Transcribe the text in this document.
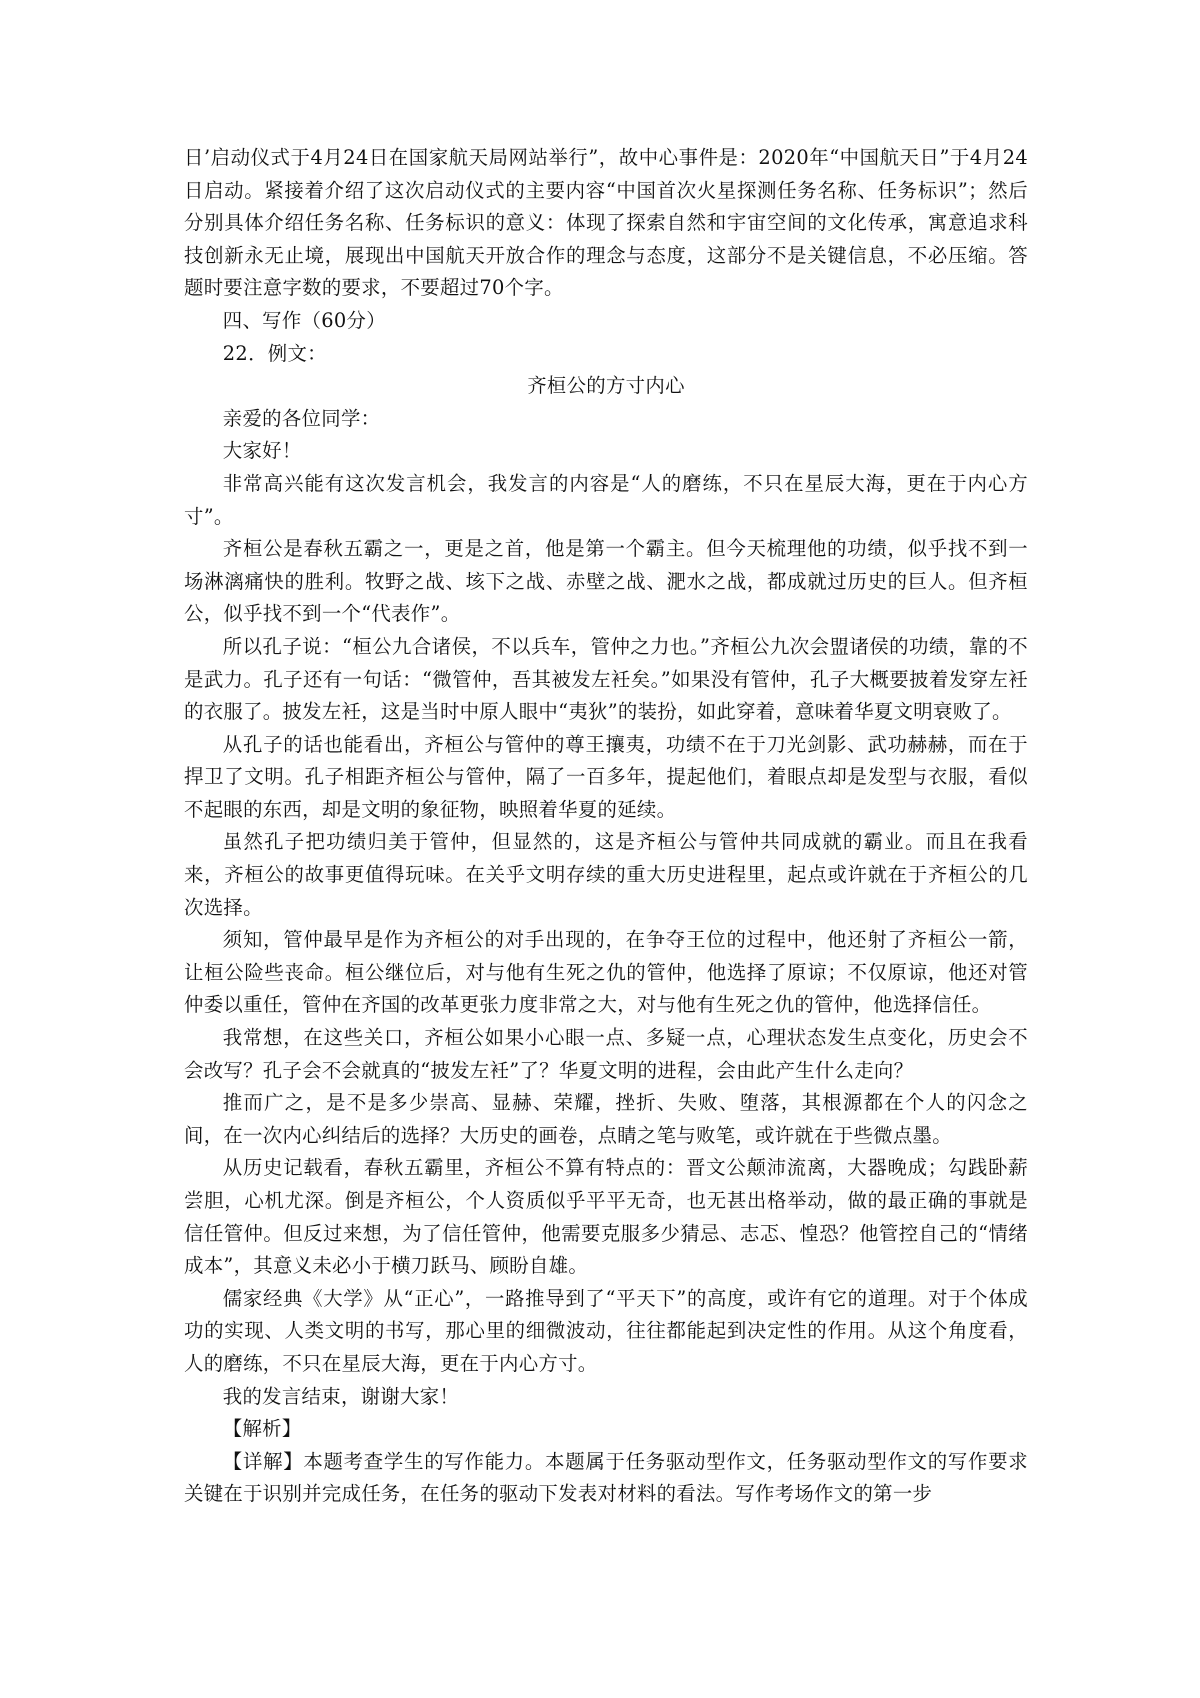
日’启动仪式于4月24日在国家航天局网站举行”，故中心事件是：2020年“中国航天日”于4月24日启动。紧接着介绍了这次启动仪式的主要内容“中国首次火星探测任务名称、任务标识”；然后分别具体介绍任务名称、任务标识的意义：体现了探索自然和宇宙空间的文化传承，寓意追求科技创新永无止境，展现出中国航天开放合作的理念与态度，这部分不是关键信息，不必压缩。答题时要注意字数的要求，不要超过70个字。

四、写作（60分）

22．例文：

齐桓公的方寸内心

亲爱的各位同学：

大家好！

非常高兴能有这次发言机会，我发言的内容是“人的磨练，不只在星辰大海，更在于内心方寸”。

齐桓公是春秋五霸之一，更是之首，他是第一个霸主。但今天梳理他的功绩，似乎找不到一场淋漓痛快的胜利。牧野之战、垓下之战、赤壁之战、淝水之战，都成就过历史的巨人。但齐桓公，似乎找不到一个“代表作”。

所以孔子说：“桓公九合诸侯，不以兵车，管仲之力也。”齐桓公九次会盟诸侯的功绩，靠的不是武力。孔子还有一句话：“微管仲，吾其被发左衽矣。”如果没有管仲，孔子大概要披着发穿左衽的衣服了。披发左衽，这是当时中原人眼中“夷狄”的装扮，如此穿着，意味着华夏文明衰败了。

从孔子的话也能看出，齐桓公与管仲的尊王攘夷，功绩不在于刀光剑影、武功赫赫，而在于捍卫了文明。孔子相距齐桓公与管仲，隔了一百多年，提起他们，着眼点却是发型与衣服，看似不起眼的东西，却是文明的象征物，映照着华夏的延续。

虽然孔子把功绩归美于管仲，但显然的，这是齐桓公与管仲共同成就的霸业。而且在我看来，齐桓公的故事更值得玩味。在关乎文明存续的重大历史进程里，起点或许就在于齐桓公的几次选择。

须知，管仲最早是作为齐桓公的对手出现的，在争夺王位的过程中，他还射了齐桓公一箭，让桓公险些丧命。桓公继位后，对与他有生死之仇的管仲，他选择了原谅；不仅原谅，他还对管仲委以重任，管仲在齐国的改革更张力度非常之大，对与他有生死之仇的管仲，他选择信任。

我常想，在这些关口，齐桓公如果小心眼一点、多疑一点，心理状态发生点变化，历史会不会改写？孔子会不会就真的“披发左衽”了？华夏文明的进程，会由此产生什么走向？

推而广之，是不是多少崇高、显赫、荣耀，挫折、失败、堕落，其根源都在个人的闪念之间，在一次内心纠结后的选择？大历史的画卷，点睛之笔与败笔，或许就在于些微点墨。

从历史记载看，春秋五霸里，齐桓公不算有特点的：晋文公颠沛流离，大器晚成；勾践卧薪尝胆，心机尤深。倒是齐桓公，个人资质似乎平平无奇，也无甚出格举动，做的最正确的事就是信任管仲。但反过来想，为了信任管仲，他需要克服多少猜忌、志忑、惶恐？他管控自己的“情绪成本”，其意义未必小于横刀跃马、顾盼自雄。

儒家经典《大学》从“正心”，一路推导到了“平天下”的高度，或许有它的道理。对于个体成功的实现、人类文明的书写，那心里的细微波动，往往都能起到决定性的作用。从这个角度看，人的磨练，不只在星辰大海，更在于内心方寸。

我的发言结束，谢谢大家！

【解析】

【详解】本题考查学生的写作能力。本题属于任务驱动型作文，任务驱动型作文的写作要求关键在于识别并完成任务，在任务的驱动下发表对材料的看法。写作考场作文的第一步
